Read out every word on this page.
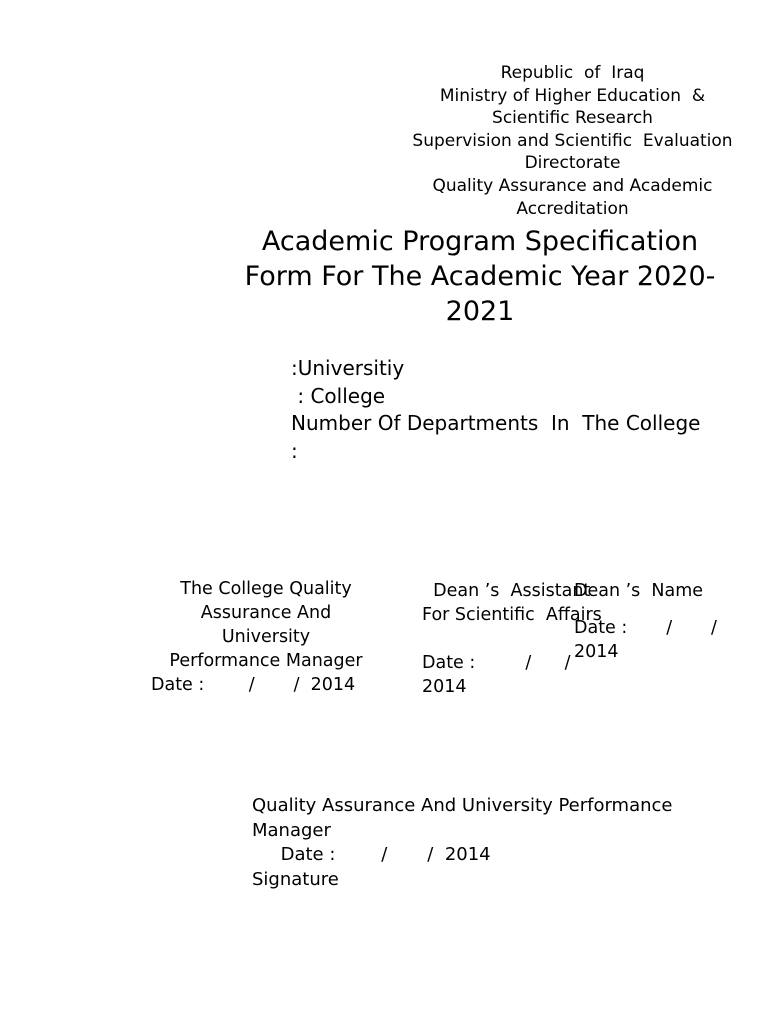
Republic  of  Iraq
Ministry of Higher Education  &
Scientific Research
Supervision and Scientific  Evaluation
Directorate
Quality Assurance and Academic
Accreditation
Academic Program Specification
Form For The Academic Year 2020-
2021
:Universitiy
: College
Number Of Departments  In  The College
:
The College Quality
Assurance And
University
Performance Manager
Date :        /       /  2014
Dean ’s  Assistant
For Scientific  Affairs
Date :         /      /
2014
Dean ’s  Name
Date :       /       /
2014
Quality Assurance And University Performance
Manager
Date :        /       /  2014
Signature
